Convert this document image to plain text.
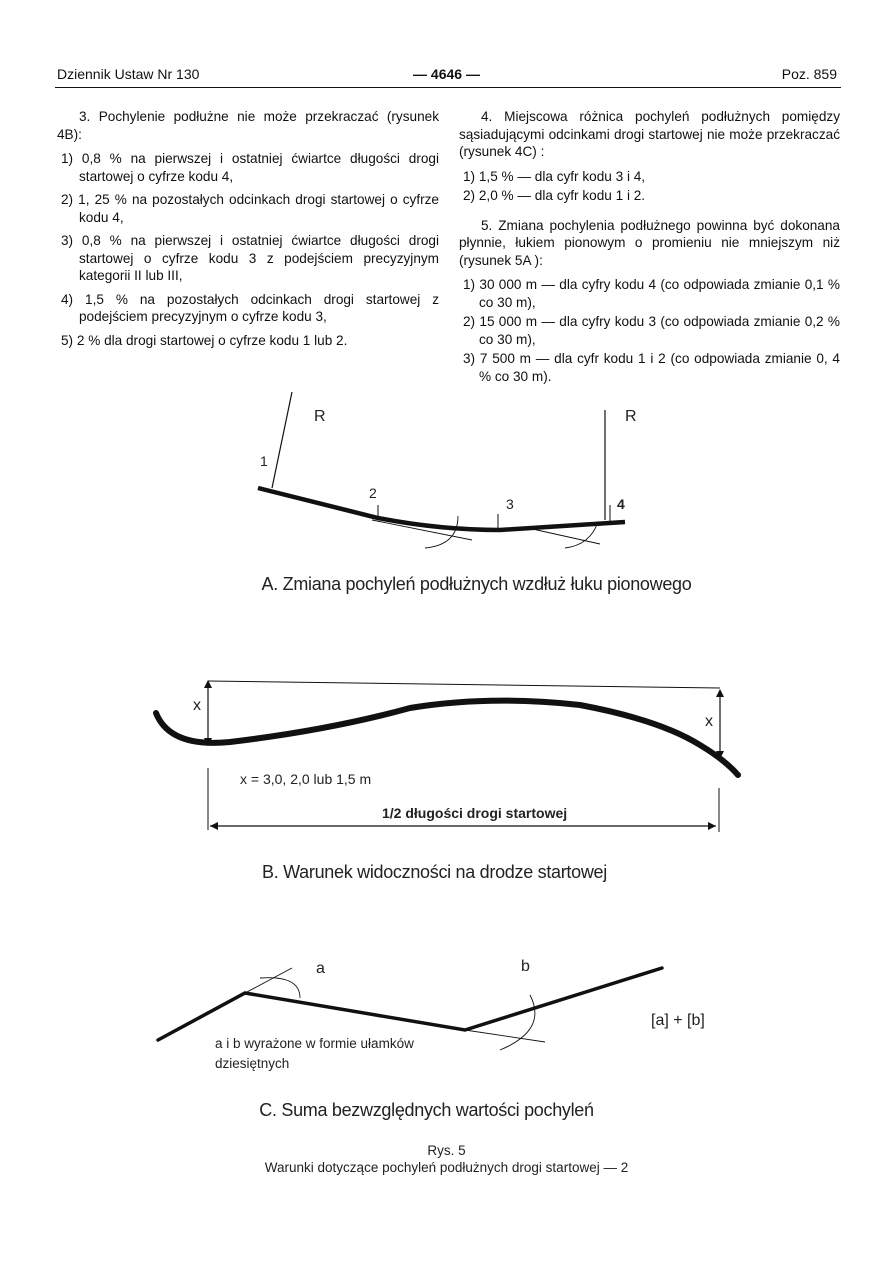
Dziennik Ustaw Nr 130	— 4646 —	Poz. 859

3. Pochylenie podłużne nie może przekraczać (rysunek 4B):

1) 0,8 % na pierwszej i ostatniej ćwiartce długości drogi startowej o cyfrze kodu 4,
2) 1, 25 % na pozostałych odcinkach drogi startowej o cyfrze kodu 4,
3) 0,8 % na pierwszej i ostatniej ćwiartce długości drogi startowej o cyfrze kodu 3 z podejściem precyzyjnym kategorii II lub III,
4) 1,5 % na pozostałych odcinkach drogi startowej z podejściem precyzyjnym o cyfrze kodu 3,
5) 2 % dla drogi startowej o cyfrze kodu 1 lub 2.

4. Miejscowa różnica pochyleń podłużnych pomiędzy sąsiadującymi odcinkami drogi startowej nie może przekraczać (rysunek 4C) :

1) 1,5 % — dla cyfr kodu 3 i 4,
2) 2,0 % — dla cyfr kodu 1 i 2.

5. Zmiana pochylenia podłużnego powinna być dokonana płynnie, łukiem pionowym o promieniu nie mniejszym niż (rysunek 5A ):

1) 30 000 m — dla cyfry kodu 4 (co odpowiada zmianie 0,1 % co 30 m),
2) 15 000 m — dla cyfry kodu 3 (co odpowiada zmianie 0,2 % co 30 m),
3) 7 500 m — dla cyfr kodu 1 i 2 (co odpowiada zmianie 0, 4 % co 30 m).
R	R
1
2
3	4
A. Zmiana pochyleń podłużnych wzdłuż łuku pionowego
x
x
x = 3,0, 2,0 lub 1,5 m
1/2 długości drogi startowej
B. Warunek widoczności na drodze startowej
a	b
[a] + [b]
a i b wyrażone w formie ułamków
dziesiętnych
C. Suma bezwzględnych wartości pochyleń
Rys. 5
Warunki dotyczące pochyleń podłużnych drogi startowej — 2
